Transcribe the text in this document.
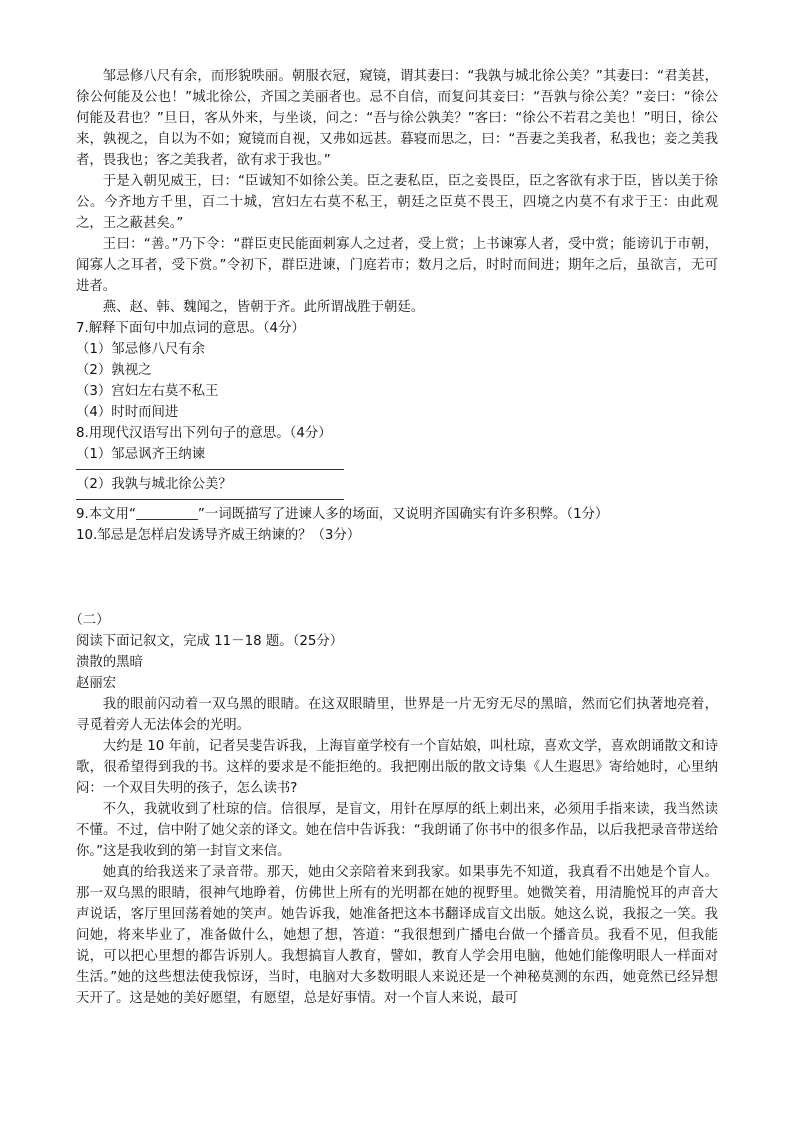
邹忌修八尺有余，而形貌昳丽。朝服衣冠，窥镜，谓其妻曰：“我孰与城北徐公美？”其妻曰：“君美甚，徐公何能及公也！”城北徐公，齐国之美丽者也。忌不自信，而复问其妾曰：“吾孰与徐公美？”妾曰：“徐公何能及君也？”旦日，客从外来，与坐谈，问之：“吾与徐公孰美？”客曰：“徐公不若君之美也！”明日，徐公来，孰视之，自以为不如；窥镜而自视，又弗如远甚。暮寝而思之，曰：“吾妻之美我者，私我也；妾之美我者，畏我也；客之美我者，欲有求于我也。”

于是入朝见威王，曰：“臣诚知不如徐公美。臣之妻私臣，臣之妾畏臣，臣之客欲有求于臣，皆以美于徐公。今齐地方千里，百二十城，宫妇左右莫不私王，朝廷之臣莫不畏王，四境之内莫不有求于王：由此观之，王之蔽甚矣。”

王曰：“善。”乃下令：“群臣吏民能面刺寡人之过者，受上赏；上书谏寡人者，受中赏；能谤讥于市朝，闻寡人之耳者，受下赏。”令初下，群臣进谏，门庭若市；数月之后，时时而间进；期年之后，虽欲言，无可进者。

燕、赵、韩、魏闻之，皆朝于齐。此所谓战胜于朝廷。

7.解释下面句中加点词的意思。（4分）

（1）邹忌修八尺有余

（2）孰视之

（3）宫妇左右莫不私王

（4）时时而间进

8.用现代汉语写出下列句子的意思。（4分）

（1）邹忌讽齐王纳谏

（2）我孰与城北徐公美？

9.本文用“	”一词既描写了进谏人多的场面，又说明齐国确实有许多积弊。（1分）

10.邹忌是怎样启发诱导齐威王纳谏的？（3分）

（二）

阅读下面记叙文，完成 11－18 题。（25分）

溃散的黑暗

赵丽宏

我的眼前闪动着一双乌黑的眼睛。在这双眼睛里，世界是一片无穷无尽的黑暗，然而它们执著地亮着，寻觅着旁人无法体会的光明。

大约是 10 年前，记者吴斐告诉我，上海盲童学校有一个盲姑娘，叫杜琼，喜欢文学，喜欢朗诵散文和诗歌，很希望得到我的书。这样的要求是不能拒绝的。我把刚出版的散文诗集《人生遐思》寄给她时，心里纳闷：一个双目失明的孩子，怎么读书?

不久，我就收到了杜琼的信。信很厚，是盲文，用针在厚厚的纸上刺出来，必须用手指来读，我当然读不懂。不过，信中附了她父亲的译文。她在信中告诉我：“我朗诵了你书中的很多作品，以后我把录音带送给你。”这是我收到的第一封盲文来信。

她真的给我送来了录音带。那天，她由父亲陪着来到我家。如果事先不知道，我真看不出她是个盲人。那一双乌黑的眼睛，很神气地睁着，仿佛世上所有的光明都在她的视野里。她微笑着，用清脆悦耳的声音大声说话，客厅里回荡着她的笑声。她告诉我，她准备把这本书翻译成盲文出版。她这么说，我报之一笑。我问她，将来毕业了，准备做什么，她想了想，答道：“我很想到广播电台做一个播音员。我看不见，但我能说，可以把心里想的都告诉别人。我想搞盲人教育，譬如，教育人学会用电脑，他她们能像明眼人一样面对生活。”她的这些想法使我惊讶，当时，电脑对大多数明眼人来说还是一个神秘莫测的东西，她竟然已经异想天开了。这是她的美好愿望，有愿望，总是好事情。对一个盲人来说，最可
